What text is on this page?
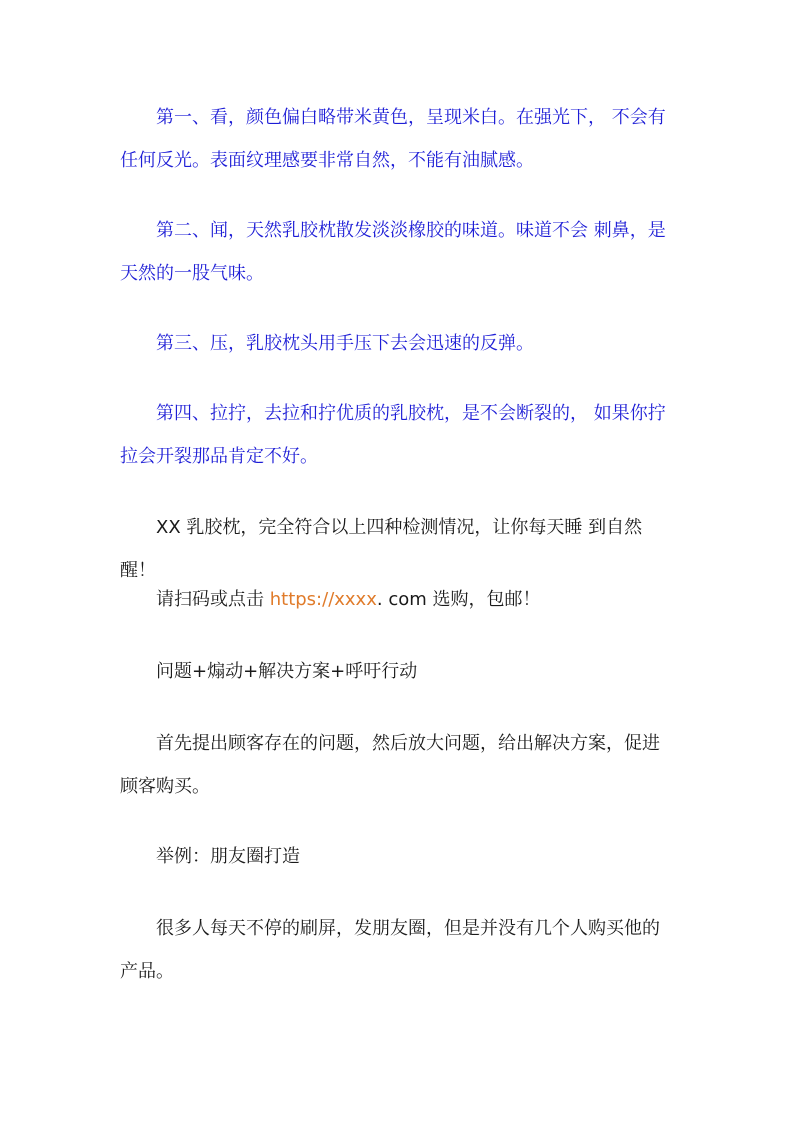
第一、看，颜色偏白略带米黄色，呈现米白。在强光下， 不会有任何反光。表面纹理感要非常自然，不能有油腻感。

第二、闻，天然乳胶枕散发淡淡橡胶的味道。味道不会 刺鼻，是天然的一股气味。

第三、压，乳胶枕头用手压下去会迅速的反弹。

第四、拉拧，去拉和拧优质的乳胶枕，是不会断裂的， 如果你拧拉会开裂那品肯定不好。

XX 乳胶枕，完全符合以上四种检测情况，让你每天睡 到自然醒！

请扫码或点击 https://xxxx. com 选购，包邮！

问题+煽动+解决方案+呼吁行动

首先提出顾客存在的问题，然后放大问题，给出解决方案，促进顾客购买。

举例：朋友圈打造

很多人每天不停的刷屏，发朋友圈，但是并没有几个人购买他的产品。
